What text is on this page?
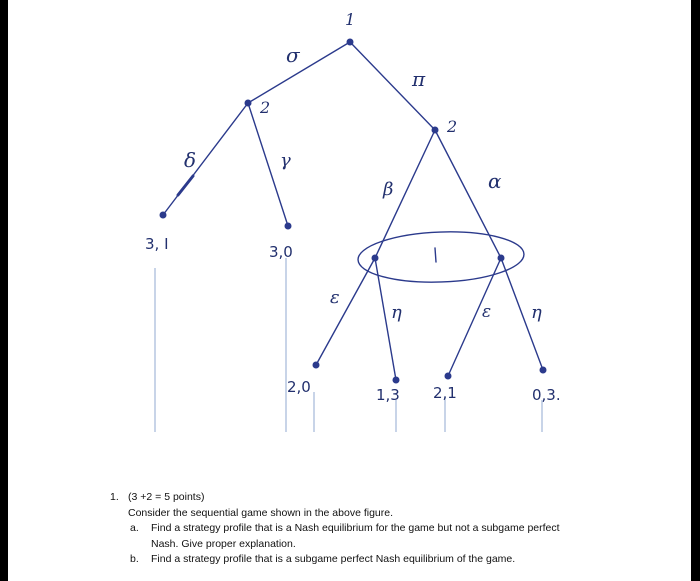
1
2
2
σ
π
δ	γ
β	α
ε
η	ε η
3, I	3,0
2,0	1,3 2,1	0,3.
1. (3 +2 = 5 points)
Consider the sequential game shown in the above figure.
a. Find a strategy profile that is a Nash equilibrium for the game but not a subgame perfect
Nash. Give proper explanation.
b. Find a strategy profile that is a subgame perfect Nash equilibrium of the game.
